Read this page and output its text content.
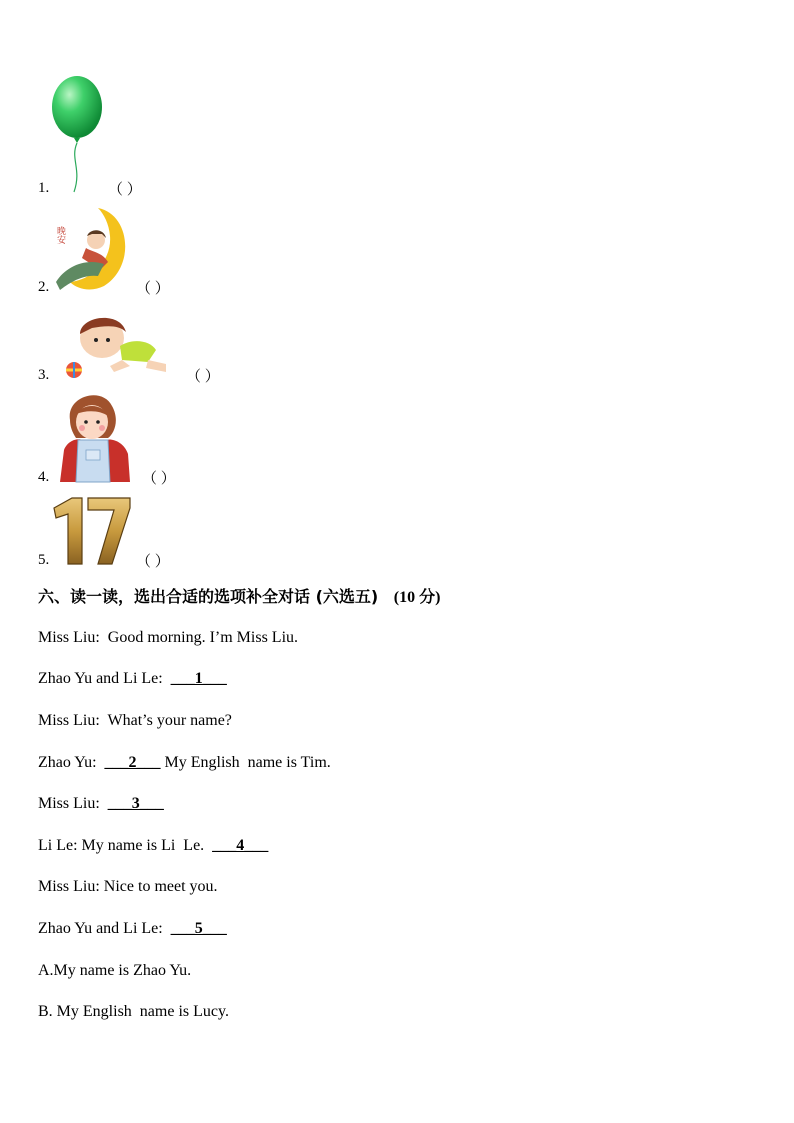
1.	（ ）
晚安
2.	（ ）
3.	（ ）
4.	（ ）
5.	（ ）
六、读一读，选出合适的选项补全对话 (六选五) (10 分)
Miss Liu:  Good morning. I’m Miss Liu.
Zhao Yu and Li Le:  ___1___
Miss Liu:  What’s your name?
Zhao Yu:  ___2___ My English  name is Tim.
Miss Liu:  ___3___
Li Le: My name is Li  Le.  ___4___
Miss Liu: Nice to meet you.
Zhao Yu and Li Le:  ___5___
A.My name is Zhao Yu.
B. My English  name is Lucy.
